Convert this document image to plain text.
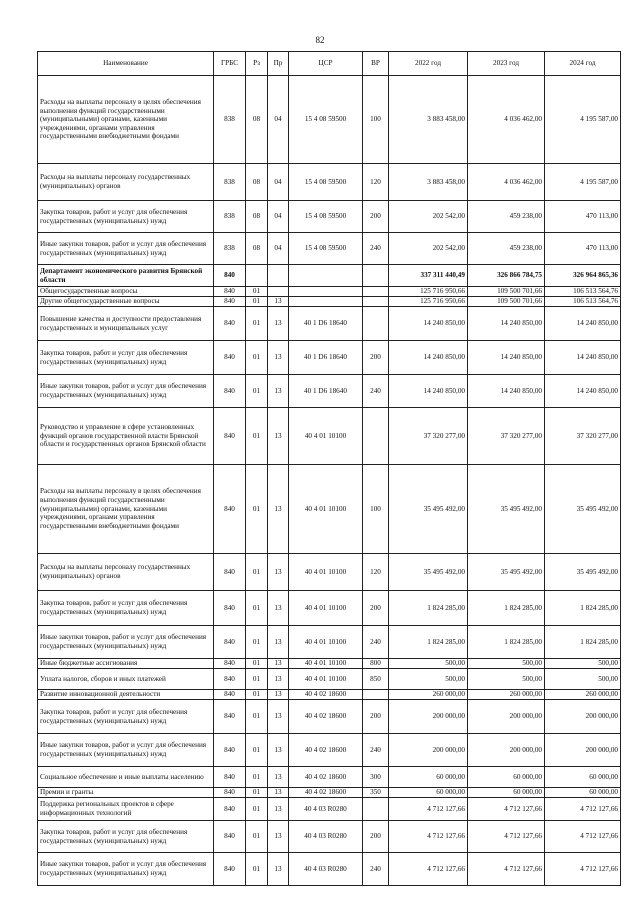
82
Наименование	ГРБС	Рз	Пр	ЦСР	ВР	2022 год	2023 год	2024 год
Расходы на выплаты персоналу в целях обеспечения выполнения функций государственными (муниципальными) органами, казенными учреждениями, органами управления государственными внебюджетными фондами	838	08	04	15 4 08 59500	100	3 883 458,00	4 036 462,00	4 195 587,00
Расходы на выплаты персоналу государственных (муниципальных) органов	838	08	04	15 4 08 59500	120	3 883 458,00	4 036 462,00	4 195 587,00
Закупка товаров, работ и услуг для обеспечения государственных (муниципальных) нужд	838	08	04	15 4 08 59500	200	202 542,00	459 238,00	470 113,00
Иные закупки товаров, работ и услуг для обеспечения государственных (муниципальных) нужд	838	08	04	15 4 08 59500	240	202 542,00	459 238,00	470 113,00
Департамент экономического развития Брянской области	840					337 311 440,49	326 866 784,75	326 964 865,36
Общегосударственные вопросы	840	01				125 716 950,66	109 500 701,66	106 513 564,76
Другие общегосударственные вопросы	840	01	13			125 716 950,66	109 500 701,66	106 513 564,76
Повышение качества и доступности предоставления государственных и муниципальных услуг	840	01	13	40 1 D6 18640		14 240 850,00	14 240 850,00	14 240 850,00
Закупка товаров, работ и услуг для обеспечения государственных (муниципальных) нужд	840	01	13	40 1 D6 18640	200	14 240 850,00	14 240 850,00	14 240 850,00
Иные закупки товаров, работ и услуг для обеспечения государственных (муниципальных) нужд	840	01	13	40 1 D6 18640	240	14 240 850,00	14 240 850,00	14 240 850,00
Руководство и управление в сфере установленных функций органов государственной власти Брянской области и государственных органов Брянской области	840	01	13	40 4 01 10100		37 320 277,00	37 320 277,00	37 320 277,00
Расходы на выплаты персоналу в целях обеспечения выполнения функций государственными (муниципальными) органами, казенными учреждениями, органами управления государственными внебюджетными фондами	840	01	13	40 4 01 10100	100	35 495 492,00	35 495 492,00	35 495 492,00
Расходы на выплаты персоналу государственных (муниципальных) органов	840	01	13	40 4 01 10100	120	35 495 492,00	35 495 492,00	35 495 492,00
Закупка товаров, работ и услуг для обеспечения государственных (муниципальных) нужд	840	01	13	40 4 01 10100	200	1 824 285,00	1 824 285,00	1 824 285,00
Иные закупки товаров, работ и услуг для обеспечения государственных (муниципальных) нужд	840	01	13	40 4 01 10100	240	1 824 285,00	1 824 285,00	1 824 285,00
Иные бюджетные ассигнования	840	01	13	40 4 01 10100	800	500,00	500,00	500,00
Уплата налогов, сборов и иных платежей	840	01	13	40 4 01 10100	850	500,00	500,00	500,00
Развитие инновационной деятельности	840	01	13	40 4 02 18600		260 000,00	260 000,00	260 000,00
Закупка товаров, работ и услуг для обеспечения государственных (муниципальных) нужд	840	01	13	40 4 02 18600	200	200 000,00	200 000,00	200 000,00
Иные закупки товаров, работ и услуг для обеспечения государственных (муниципальных) нужд	840	01	13	40 4 02 18600	240	200 000,00	200 000,00	200 000,00
Социальное обеспечение и иные выплаты населению	840	01	13	40 4 02 18600	300	60 000,00	60 000,00	60 000,00
Премии и гранты	840	01	13	40 4 02 18600	350	60 000,00	60 000,00	60 000,00
Поддержка региональных проектов в сфере информационных технологий	840	01	13	40 4 03 R0280		4 712 127,66	4 712 127,66	4 712 127,66
Закупка товаров, работ и услуг для обеспечения государственных (муниципальных) нужд	840	01	13	40 4 03 R0280	200	4 712 127,66	4 712 127,66	4 712 127,66
Иные закупки товаров, работ и услуг для обеспечения государственных (муниципальных) нужд	840	01	13	40 4 03 R0280	240	4 712 127,66	4 712 127,66	4 712 127,66
